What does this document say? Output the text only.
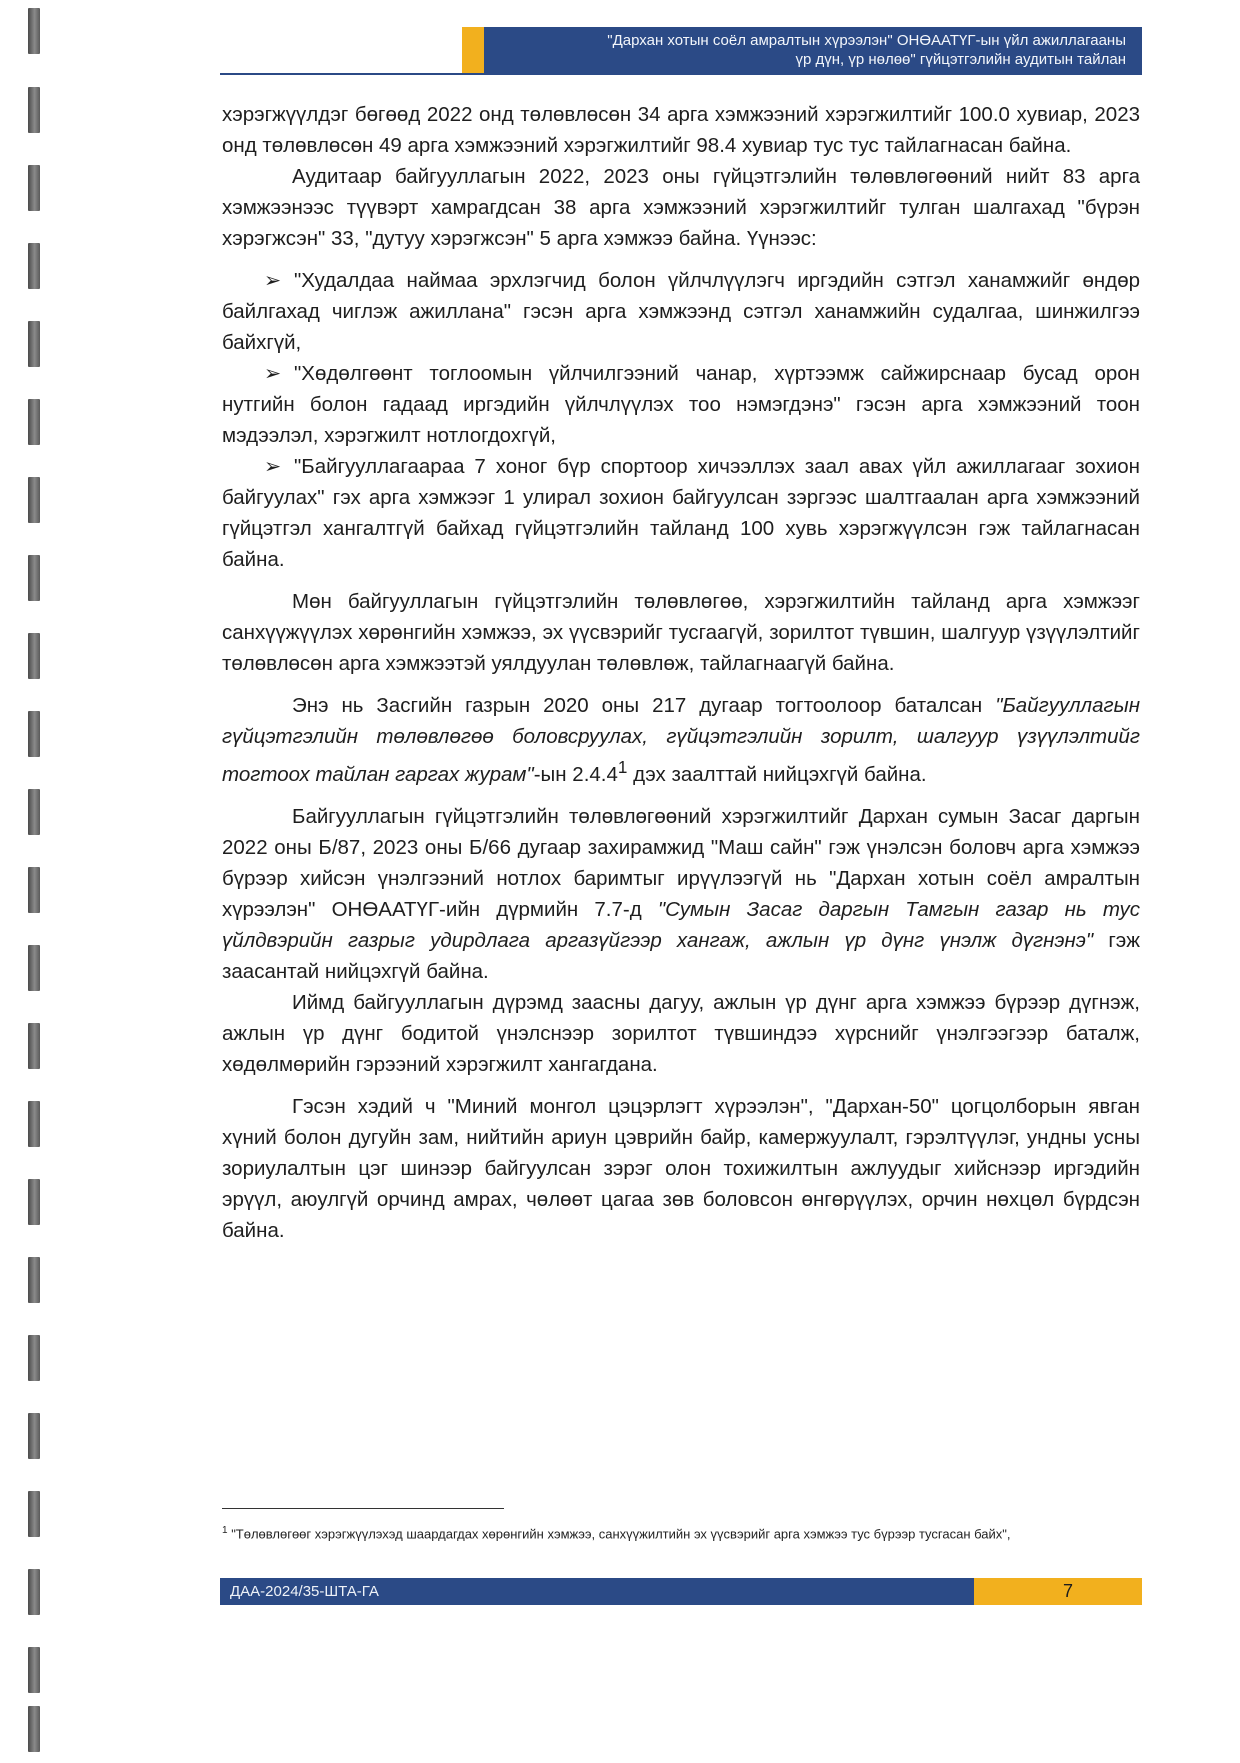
"Дархан хотын соёл амралтын хүрээлэн" ОНӨААТҮГ-ын үйл ажиллагааны
үр дүн, үр нөлөө" гүйцэтгэлийн аудитын тайлан

хэрэгжүүлдэг бөгөөд 2022 онд төлөвлөсөн 34 арга хэмжээний хэрэгжилтийг 100.0 хувиар, 2023 онд төлөвлөсөн 49 арга хэмжээний хэрэгжилтийг 98.4 хувиар тус тус тайлагнасан байна.

Аудитаар байгууллагын 2022, 2023 оны гүйцэтгэлийн төлөвлөгөөний нийт 83 арга хэмжээнээс түүвэрт хамрагдсан 38 арга хэмжээний хэрэгжилтийг тулган шалгахад "бүрэн хэрэгжсэн" 33, "дутуу хэрэгжсэн" 5 арга хэмжээ байна. Үүнээс:

➢ "Худалдаа наймаа эрхлэгчид болон үйлчлүүлэгч иргэдийн сэтгэл ханамжийг өндөр байлгахад чиглэж ажиллана" гэсэн арга хэмжээнд сэтгэл ханамжийн судалгаа, шинжилгээ байхгүй,

➢ "Хөдөлгөөнт тоглоомын үйлчилгээний чанар, хүртээмж сайжирснаар бусад орон нутгийн болон гадаад иргэдийн үйлчлүүлэх тоо нэмэгдэнэ" гэсэн арга хэмжээний тоон мэдээлэл, хэрэгжилт нотлогдохгүй,

➢ "Байгууллагаараа 7 хоног бүр спортоор хичээллэх заал авах үйл ажиллагааг зохион байгуулах" гэх арга хэмжээг 1 улирал зохион байгуулсан зэргээс шалтгаалан арга хэмжээний гүйцэтгэл хангалтгүй байхад гүйцэтгэлийн тайланд 100 хувь хэрэгжүүлсэн гэж тайлагнасан байна.

Мөн байгууллагын гүйцэтгэлийн төлөвлөгөө, хэрэгжилтийн тайланд арга хэмжээг санхүүжүүлэх хөрөнгийн хэмжээ, эх үүсвэрийг тусгаагүй, зорилтот түвшин, шалгуур үзүүлэлтийг төлөвлөсөн арга хэмжээтэй уялдуулан төлөвлөж, тайлагнаагүй байна.

Энэ нь Засгийн газрын 2020 оны 217 дугаар тогтоолоор баталсан "Байгууллагын гүйцэтгэлийн төлөвлөгөө боловсруулах, гүйцэтгэлийн зорилт, шалгуур үзүүлэлтийг тогтоох тайлан гаргах журам"-ын 2.4.4$^1$ дэх заалттай нийцэхгүй байна.

Байгууллагын гүйцэтгэлийн төлөвлөгөөний хэрэгжилтийг Дархан сумын Засаг даргын 2022 оны Б/87, 2023 оны Б/66 дугаар захирамжид "Маш сайн" гэж үнэлсэн боловч арга хэмжээ бүрээр хийсэн үнэлгээний нотлох баримтыг ирүүлээгүй нь "Дархан хотын соёл амралтын хүрээлэн" ОНӨААТҮГ-ийн дүрмийн 7.7-д "Сумын Засаг даргын Тамгын газар нь тус үйлдвэрийн газрыг удирдлага аргазүйгээр хангаж, ажлын үр дүнг үнэлж дүгнэнэ" гэж заасантай нийцэхгүй байна.

Иймд байгууллагын дүрэмд заасны дагуу, ажлын үр дүнг арга хэмжээ бүрээр дүгнэж, ажлын үр дүнг бодитой үнэлснээр зорилтот түвшиндээ хүрснийг үнэлгээгээр баталж, хөдөлмөрийн гэрээний хэрэгжилт хангагдана.

Гэсэн хэдий ч "Миний монгол цэцэрлэгт хүрээлэн", "Дархан-50" цогцолборын явган хүний болон дугуйн зам, нийтийн ариун цэврийн байр, камержуулалт, гэрэлтүүлэг, ундны усны зориулалтын цэг шинээр байгуулсан зэрэг олон тохижилтын ажлуудыг хийснээр иргэдийн эрүүл, аюулгүй орчинд амрах, чөлөөт цагаа зөв боловсон өнгөрүүлэх, орчин нөхцөл бүрдсэн байна.

$^1$ "Төлөвлөгөөг хэрэгжүүлэхэд шаардагдах хөрөнгийн хэмжээ, санхүүжилтийн эх үүсвэрийг арга хэмжээ тус бүрээр тусгасан байх",
ДАА-2024/35-ШТА-ГА	7
